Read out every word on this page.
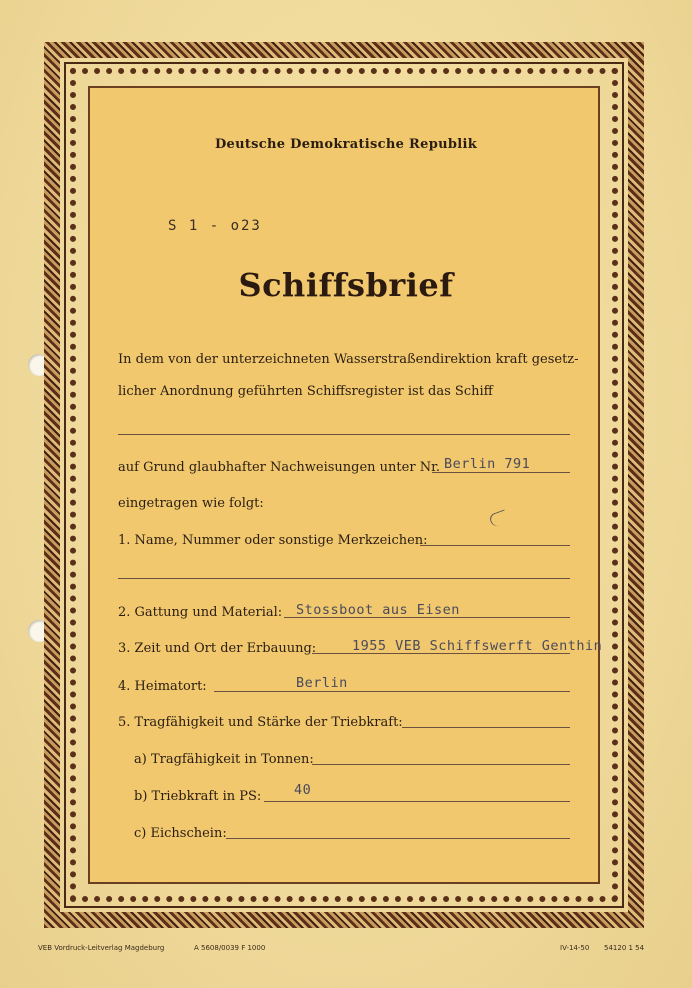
Deutsche Demokratische Republik
S 1 - o23
Schiffsbrief
In dem von der unterzeichneten Wasserstraßendirektion kraft gesetz-
licher Anordnung geführten Schiffsregister ist das Schiff
auf Grund glaubhafter Nachweisungen unter Nr. Berlin 791
eingetragen wie folgt:
1. Name, Nummer oder sonstige Merkzeichen:
2. Gattung und Material: Stossboot aus Eisen
3. Zeit und Ort der Erbauung:	1955 VEB Schiffswerft Genthin
4. Heimatort:	Berlin
5. Tragfähigkeit und Stärke der Triebkraft:
a) Tragfähigkeit in Tonnen:
b) Triebkraft in PS: 40
c) Eichschein:
VEB Vordruck-Leitverlag Magdeburg	A 5608/0039 F 1000	IV-14-50 54120 1 54
